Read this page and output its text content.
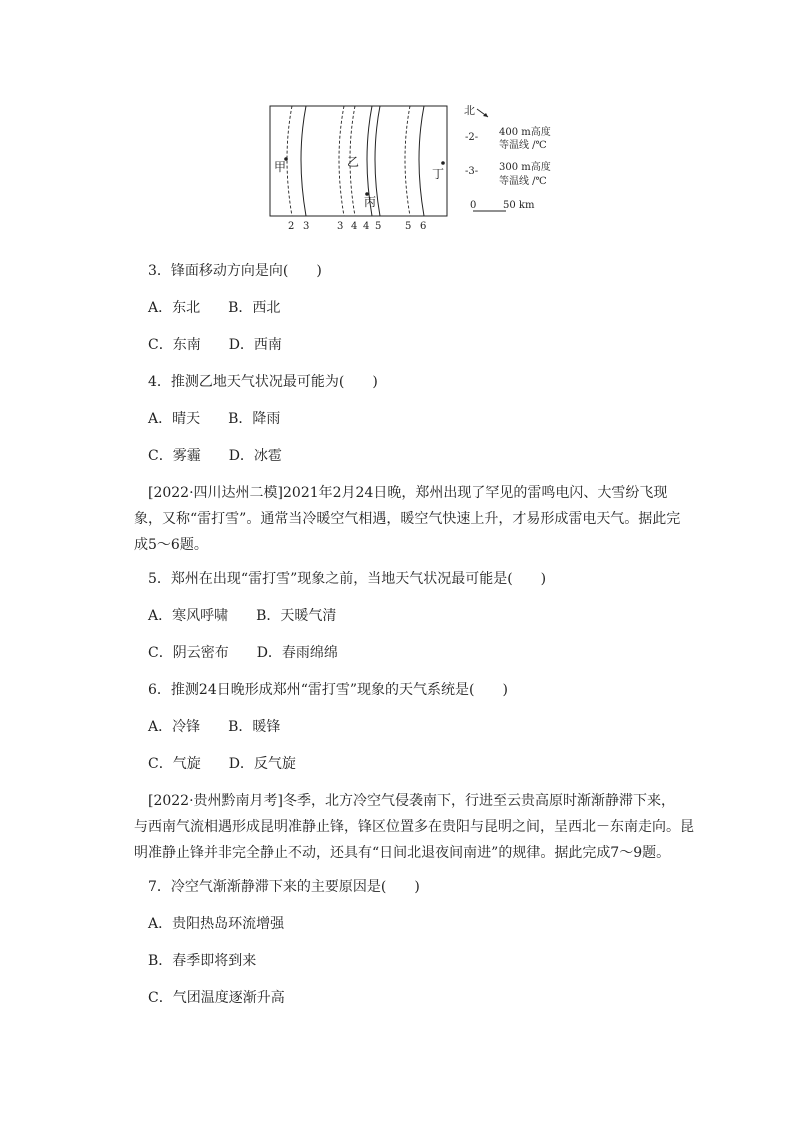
甲	乙
丙
丁
2 3	3 4 4 5 5 6
北
-2- 400 m高度
等温线 /℃
-3- 300 m高度
等温线 /℃
0	50 km
3．锋面移动方向是向(　　)
A．东北　　B．西北
C．东南　　D．西南
4．推测乙地天气状况最可能为(　　)
A．晴天　　B．降雨
C．雾霾　　D．冰雹
[2022·四川达州二模]2021年2月24日晚，郑州出现了罕见的雷鸣电闪、大雪纷飞现
象，又称“雷打雪”。通常当冷暖空气相遇，暖空气快速上升，才易形成雷电天气。据此完
成5～6题。
5．郑州在出现“雷打雪”现象之前，当地天气状况最可能是(　　)
A．寒风呼啸　　B．天暖气清
C．阴云密布　　D．春雨绵绵
6．推测24日晚形成郑州“雷打雪”现象的天气系统是(　　)
A．冷锋　　B．暖锋
C．气旋　　D．反气旋
[2022·贵州黔南月考]冬季，北方冷空气侵袭南下，行进至云贵高原时渐渐静滞下来，
与西南气流相遇形成昆明准静止锋，锋区位置多在贵阳与昆明之间，呈西北－东南走向。昆
明准静止锋并非完全静止不动，还具有“日间北退夜间南进”的规律。据此完成7～9题。
7．冷空气渐渐静滞下来的主要原因是(　　)
A．贵阳热岛环流增强
B．春季即将到来
C．气团温度逐渐升高
